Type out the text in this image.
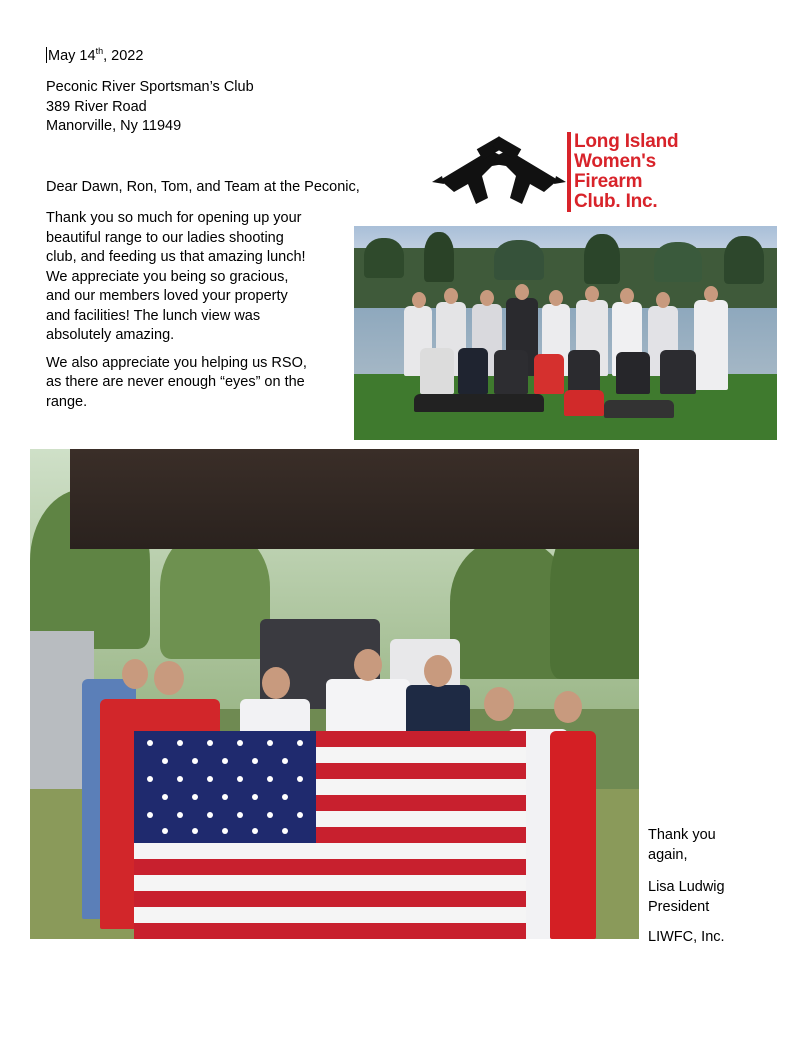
May 14th, 2022
Peconic River Sportsman’s Club
389 River Road
Manorville, Ny 11949
Dear Dawn, Ron, Tom, and Team at the Peconic,

Thank you so much for opening up your
beautiful range to our ladies shooting
club, and feeding us that amazing lunch!
We appreciate you being so gracious,
and our members loved your property
and facilities! The lunch view was
absolutely amazing.

We also appreciate you helping us RSO,
as there are never enough “eyes” on the
range.

Long Island
Women's
Firearm
Club. Inc.
Thank you
again,
Lisa Ludwig
President
LIWFC, Inc.
